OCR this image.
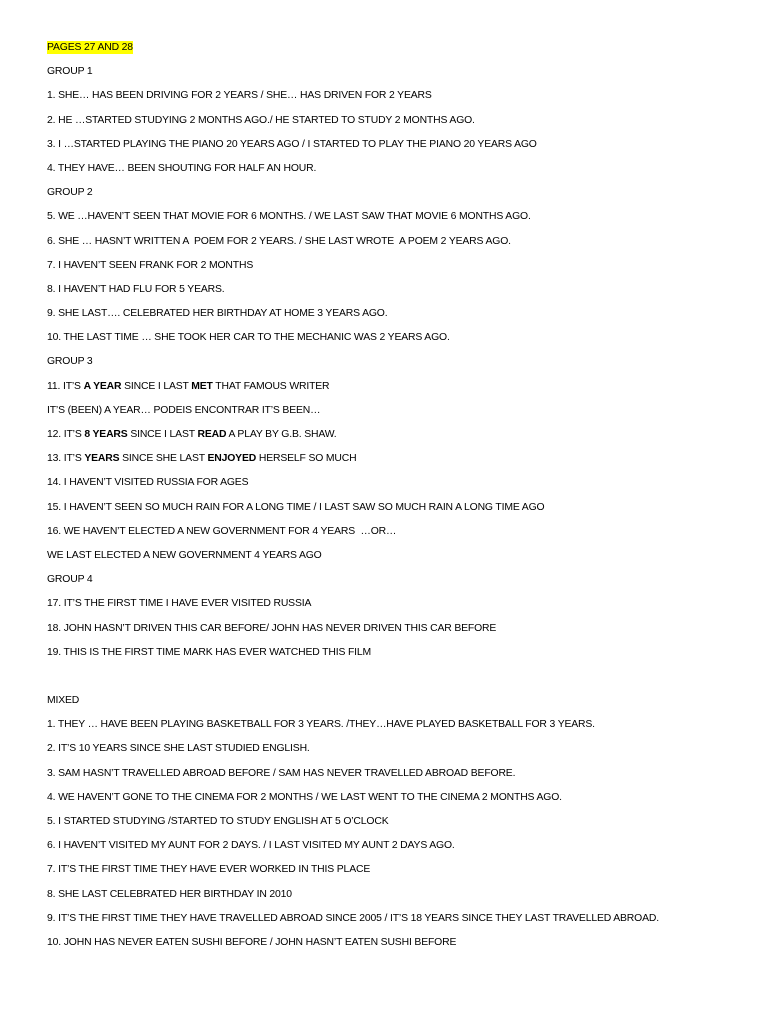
PAGES 27 AND 28
GROUP 1
1. SHE… HAS BEEN DRIVING FOR 2 YEARS / SHE… HAS DRIVEN FOR 2 YEARS
2. HE …STARTED STUDYING 2 MONTHS AGO./ HE STARTED TO STUDY 2 MONTHS AGO.
3. I …STARTED PLAYING THE PIANO 20 YEARS AGO / I STARTED TO PLAY THE PIANO 20 YEARS AGO
4. THEY HAVE… BEEN SHOUTING FOR HALF AN HOUR.
GROUP 2
5. WE …HAVEN’T SEEN THAT MOVIE FOR 6 MONTHS. / WE LAST SAW THAT MOVIE 6 MONTHS AGO.
6. SHE … HASN’T WRITTEN A  POEM FOR 2 YEARS. / SHE LAST WROTE  A POEM 2 YEARS AGO.
7. I HAVEN’T SEEN FRANK FOR 2 MONTHS
8. I HAVEN’T HAD FLU FOR 5 YEARS.
9. SHE LAST…. CELEBRATED HER BIRTHDAY AT HOME 3 YEARS AGO.
10. THE LAST TIME … SHE TOOK HER CAR TO THE MECHANIC WAS 2 YEARS AGO.
GROUP 3
11. IT’S A YEAR SINCE I LAST MET THAT FAMOUS WRITER
IT’S (BEEN) A YEAR… PODEIS ENCONTRAR IT’S BEEN…
12. IT’S 8 YEARS SINCE I LAST READ A PLAY BY G.B. SHAW.
13. IT’S YEARS SINCE SHE LAST ENJOYED HERSELF SO MUCH
14. I HAVEN’T VISITED RUSSIA FOR AGES
15. I HAVEN’T SEEN SO MUCH RAIN FOR A LONG TIME / I LAST SAW SO MUCH RAIN A LONG TIME AGO
16. WE HAVEN’T ELECTED A NEW GOVERNMENT FOR 4 YEARS  …OR…
WE LAST ELECTED A NEW GOVERNMENT 4 YEARS AGO
GROUP 4
17. IT’S THE FIRST TIME I HAVE EVER VISITED RUSSIA
18. JOHN HASN’T DRIVEN THIS CAR BEFORE/ JOHN HAS NEVER DRIVEN THIS CAR BEFORE
19. THIS IS THE FIRST TIME MARK HAS EVER WATCHED THIS FILM
MIXED
1. THEY … HAVE BEEN PLAYING BASKETBALL FOR 3 YEARS. /THEY…HAVE PLAYED BASKETBALL FOR 3 YEARS.
2. IT’S 10 YEARS SINCE SHE LAST STUDIED ENGLISH.
3. SAM HASN’T TRAVELLED ABROAD BEFORE / SAM HAS NEVER TRAVELLED ABROAD BEFORE.
4. WE HAVEN’T GONE TO THE CINEMA FOR 2 MONTHS / WE LAST WENT TO THE CINEMA 2 MONTHS AGO.
5. I STARTED STUDYING /STARTED TO STUDY ENGLISH AT 5 O’CLOCK
6. I HAVEN’T VISITED MY AUNT FOR 2 DAYS. / I LAST VISITED MY AUNT 2 DAYS AGO.
7. IT’S THE FIRST TIME THEY HAVE EVER WORKED IN THIS PLACE
8. SHE LAST CELEBRATED HER BIRTHDAY IN 2010
9. IT’S THE FIRST TIME THEY HAVE TRAVELLED ABROAD SINCE 2005 / IT’S 18 YEARS SINCE THEY LAST TRAVELLED ABROAD.
10. JOHN HAS NEVER EATEN SUSHI BEFORE / JOHN HASN’T EATEN SUSHI BEFORE
